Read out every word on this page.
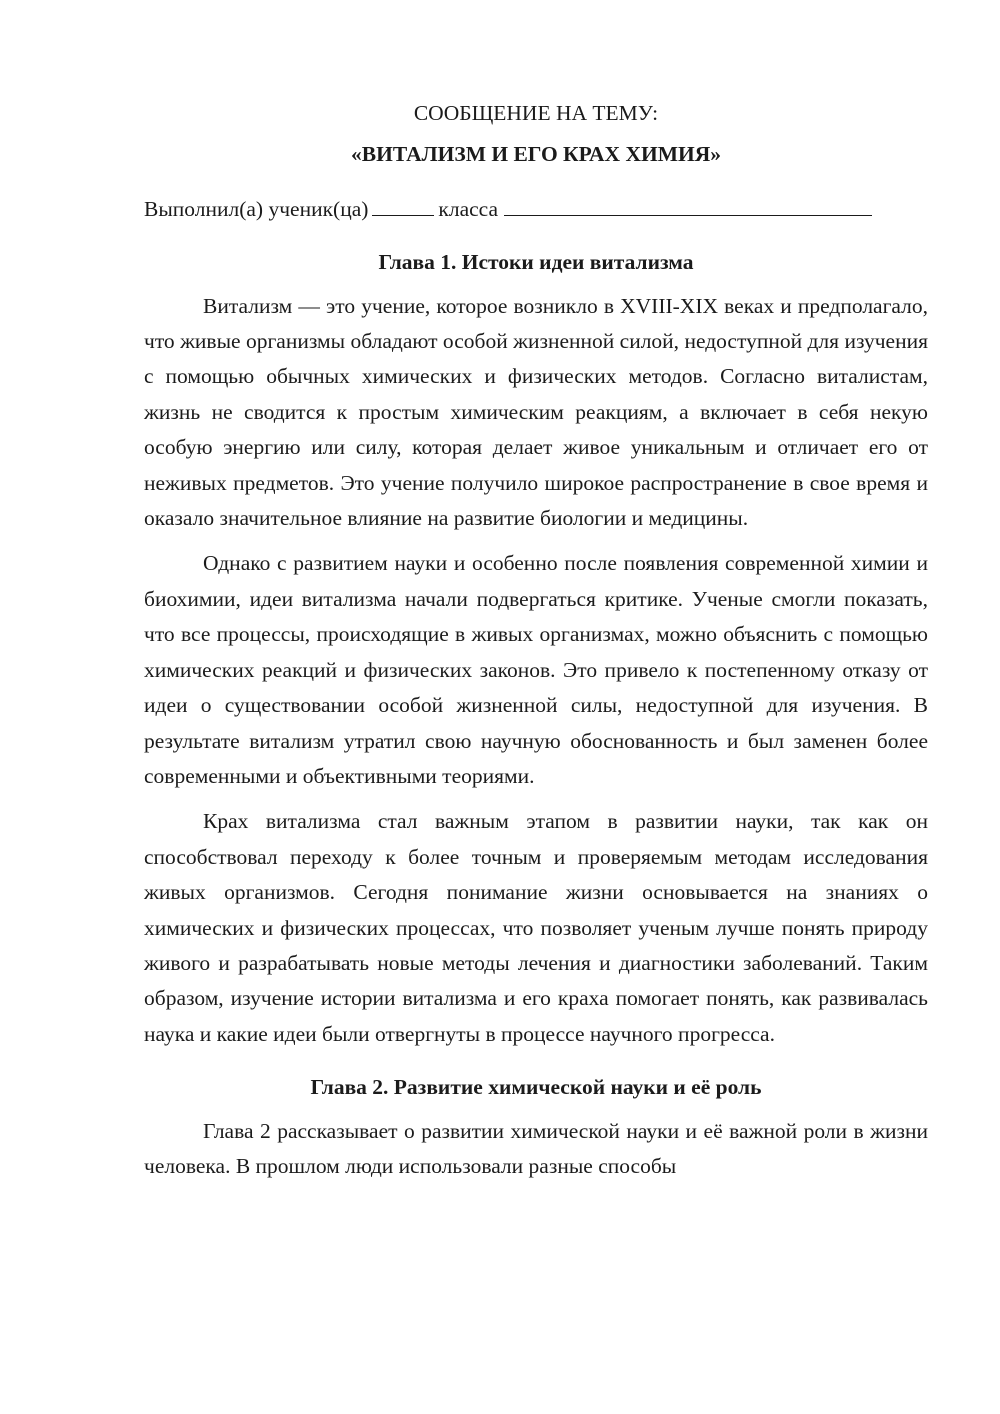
СООБЩЕНИЕ НА ТЕМУ:

«ВИТАЛИЗМ И ЕГО КРАХ ХИМИЯ»

Выполнил(а) ученик(ца)	класса
Глава 1. Истоки идеи витализма

Витализм — это учение, которое возникло в XVIII-XIX веках и предполагало, что живые организмы обладают особой жизненной силой, недоступной для изучения с помощью обычных химических и физических методов. Согласно виталистам, жизнь не сводится к простым химическим реакциям, а включает в себя некую особую энергию или силу, которая делает живое уникальным и отличает его от неживых предметов. Это учение получило широкое распространение в свое время и оказало значительное влияние на развитие биологии и медицины.

Однако с развитием науки и особенно после появления современной химии и биохимии, идеи витализма начали подвергаться критике. Ученые смогли показать, что все процессы, происходящие в живых организмах, можно объяснить с помощью химических реакций и физических законов. Это привело к постепенному отказу от идеи о существовании особой жизненной силы, недоступной для изучения. В результате витализм утратил свою научную обоснованность и был заменен более современными и объективными теориями.

Крах витализма стал важным этапом в развитии науки, так как он способствовал переходу к более точным и проверяемым методам исследования живых организмов. Сегодня понимание жизни основывается на знаниях о химических и физических процессах, что позволяет ученым лучше понять природу живого и разрабатывать новые методы лечения и диагностики заболеваний. Таким образом, изучение истории витализма и его краха помогает понять, как развивалась наука и какие идеи были отвергнуты в процессе научного прогресса.

Глава 2. Развитие химической науки и её роль

Глава 2 рассказывает о развитии химической науки и её важной роли в жизни человека. В прошлом люди использовали разные способы
